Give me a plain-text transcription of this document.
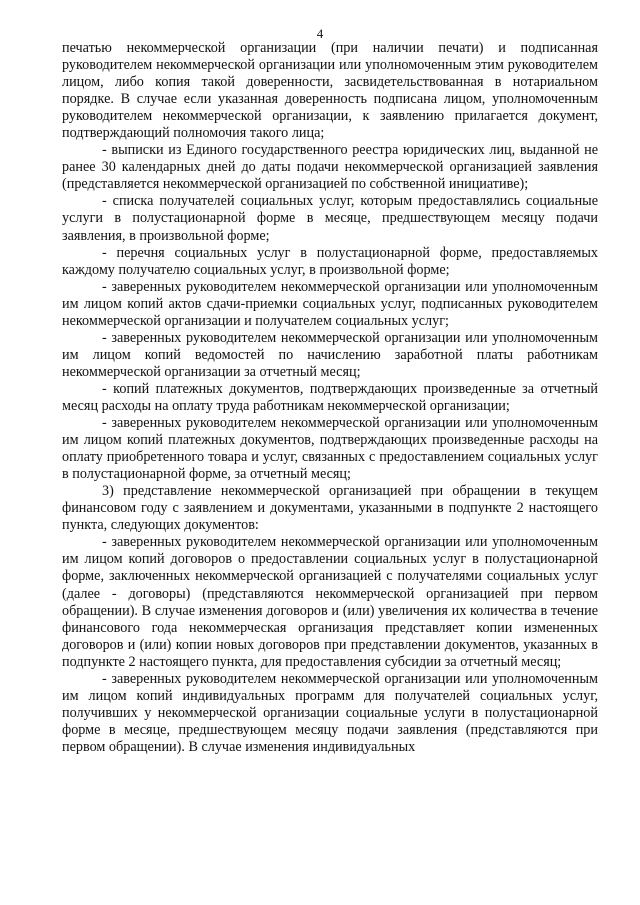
4

печатью некоммерческой организации (при наличии печати) и подписанная руководителем некоммерческой организации или уполномоченным этим руководителем лицом, либо копия такой доверенности, засвидетельствованная в нотариальном порядке. В случае если указанная доверенность подписана лицом, уполномоченным руководителем некоммерческой организации, к заявлению прилагается документ, подтверждающий полномочия такого лица;

- выписки из Единого государственного реестра юридических лиц, выданной не ранее 30 календарных дней до даты подачи некоммерческой организацией заявления (представляется некоммерческой организацией по собственной инициативе);

- списка получателей социальных услуг, которым предоставлялись социальные услуги в полустационарной форме в месяце, предшествующем месяцу подачи заявления, в произвольной форме;

- перечня социальных услуг в полустационарной форме, предоставляемых каждому получателю социальных услуг, в произвольной форме;

- заверенных руководителем некоммерческой организации или уполномоченным им лицом копий актов сдачи-приемки социальных услуг, подписанных руководителем некоммерческой организации и получателем социальных услуг;

- заверенных руководителем некоммерческой организации или уполномоченным им лицом копий ведомостей по начислению заработной платы работникам некоммерческой организации за отчетный месяц;

- копий платежных документов, подтверждающих произведенные за отчетный месяц расходы на оплату труда работникам некоммерческой организации;

- заверенных руководителем некоммерческой организации или уполномоченным им лицом копий платежных документов, подтверждающих произведенные расходы на оплату приобретенного товара и услуг, связанных с предоставлением социальных услуг в полустационарной форме, за отчетный месяц;

3) представление некоммерческой организацией при обращении в текущем финансовом году с заявлением и документами, указанными в подпункте 2 настоящего пункта, следующих документов:

- заверенных руководителем некоммерческой организации или уполномоченным им лицом копий договоров о предоставлении социальных услуг в полустационарной форме, заключенных некоммерческой организацией с получателями социальных услуг (далее - договоры) (представляются некоммерческой организацией при первом обращении). В случае изменения договоров и (или) увеличения их количества в течение финансового года некоммерческая организация представляет копии измененных договоров и (или) копии новых договоров при представлении документов, указанных в подпункте 2 настоящего пункта, для предоставления субсидии за отчетный месяц;

- заверенных руководителем некоммерческой организации или уполномоченным им лицом копий индивидуальных программ для получателей социальных услуг, получивших у некоммерческой организации социальные услуги в полустационарной форме в месяце, предшествующем месяцу подачи заявления (представляются при первом обращении). В случае изменения индивидуальных
